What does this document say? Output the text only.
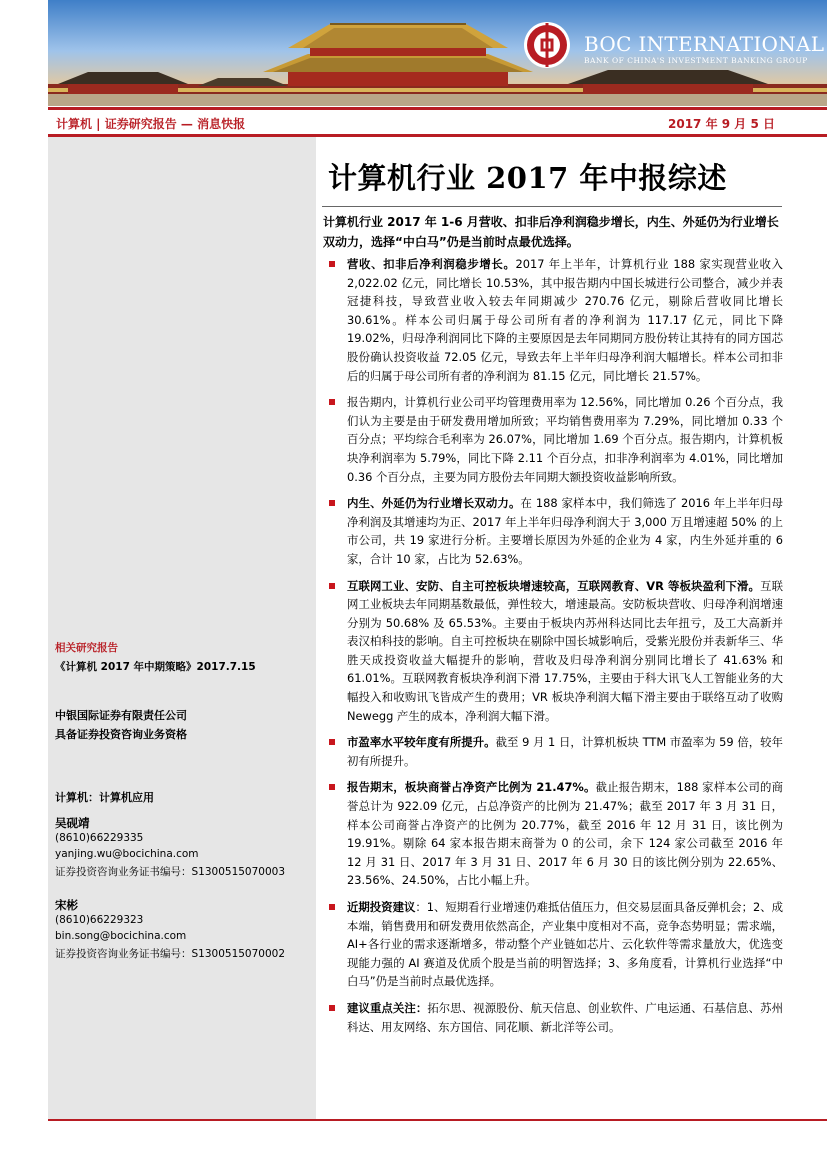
BOC INTERNATIONAL
BANK OF CHINA'S INVESTMENT BANKING GROUP
计算机 | 证券研究报告 — 消息快报	2017 年 9 月 5 日
相关研究报告
《计算机 2017 年中期策略》2017.7.15
中银国际证券有限责任公司
具备证券投资咨询业务资格
计算机：计算机应用
吴砚靖
(8610)66229335
yanjing.wu@bocichina.com
证券投资咨询业务证书编号：S1300515070003
宋彬
(8610)66229323
bin.song@bocichina.com
证券投资咨询业务证书编号：S1300515070002
计算机行业 2017 年中报综述

计算机行业 2017 年 1-6 月营收、扣非后净利润稳步增长，内生、外延仍为行业增长双动力，选择“中白马”仍是当前时点最优选择。

营收、扣非后净利润稳步增长。2017 年上半年，计算机行业 188 家实现营业收入 2,022.02 亿元，同比增长 10.53%，其中报告期内中国长城进行公司整合，减少并表冠捷科技，导致营业收入较去年同期减少 270.76 亿元，剔除后营收同比增长 30.61%。样本公司归属于母公司所有者的净利润为 117.17 亿元，同比下降 19.02%，归母净利润同比下降的主要原因是去年同期同方股份转让其持有的同方国芯股份确认投资收益 72.05 亿元，导致去年上半年归母净利润大幅增长。样本公司扣非后的归属于母公司所有者的净利润为 81.15 亿元，同比增长 21.57%。
报告期内，计算机行业公司平均管理费用率为 12.56%，同比增加 0.26 个百分点，我们认为主要是由于研发费用增加所致；平均销售费用率为 7.29%，同比增加 0.33 个百分点；平均综合毛利率为 26.07%，同比增加 1.69 个百分点。报告期内，计算机板块净利润率为 5.79%，同比下降 2.11 个百分点，扣非净利润率为 4.01%，同比增加 0.36 个百分点，主要为同方股份去年同期大额投资收益影响所致。
内生、外延仍为行业增长双动力。在 188 家样本中，我们筛选了 2016 年上半年归母净利润及其增速均为正、2017 年上半年归母净利润大于 3,000 万且增速超 50% 的上市公司，共 19 家进行分析。主要增长原因为外延的企业为 4 家，内生外延并重的 6 家，合计 10 家，占比为 52.63%。
互联网工业、安防、自主可控板块增速较高，互联网教育、VR 等板块盈利下滑。互联网工业板块去年同期基数最低，弹性较大，增速最高。安防板块营收、归母净利润增速分别为 50.68% 及 65.53%。主要由于板块内苏州科达同比去年扭亏，及工大高新并表汉柏科技的影响。自主可控板块在剔除中国长城影响后，受紫光股份并表新华三、华胜天成投资收益大幅提升的影响，营收及归母净利润分别同比增长了 41.63% 和 61.01%。互联网教育板块净利润下滑 17.75%，主要由于科大讯飞人工智能业务的大幅投入和收购讯飞皆成产生的费用；VR 板块净利润大幅下滑主要由于联络互动了收购 Newegg 产生的成本，净利润大幅下滑。
市盈率水平较年度有所提升。截至 9 月 1 日，计算机板块 TTM 市盈率为 59 倍，较年初有所提升。
报告期末，板块商誉占净资产比例为 21.47%。截止报告期末，188 家样本公司的商誉总计为 922.09 亿元，占总净资产的比例为 21.47%；截至 2017 年 3 月 31 日，样本公司商誉占净资产的比例为 20.77%，截至 2016 年 12 月 31 日，该比例为 19.91%。剔除 64 家本报告期末商誉为 0 的公司，余下 124 家公司截至 2016 年 12 月 31 日、2017 年 3 月 31 日、2017 年 6 月 30 日的该比例分别为 22.65%、23.56%、24.50%，占比小幅上升。
近期投资建议：1、短期看行业增速仍难抵估值压力，但交易层面具备反弹机会；2、成本端，销售费用和研发费用依然高企，产业集中度相对不高，竞争态势明显；需求端，AI+各行业的需求逐渐增多，带动整个产业链如芯片、云化软件等需求量放大，优选变现能力强的 AI 赛道及优质个股是当前的明智选择；3、多角度看，计算机行业选择“中白马”仍是当前时点最优选择。
建议重点关注：拓尔思、视源股份、航天信息、创业软件、广电运通、石基信息、苏州科达、用友网络、东方国信、同花顺、新北洋等公司。
